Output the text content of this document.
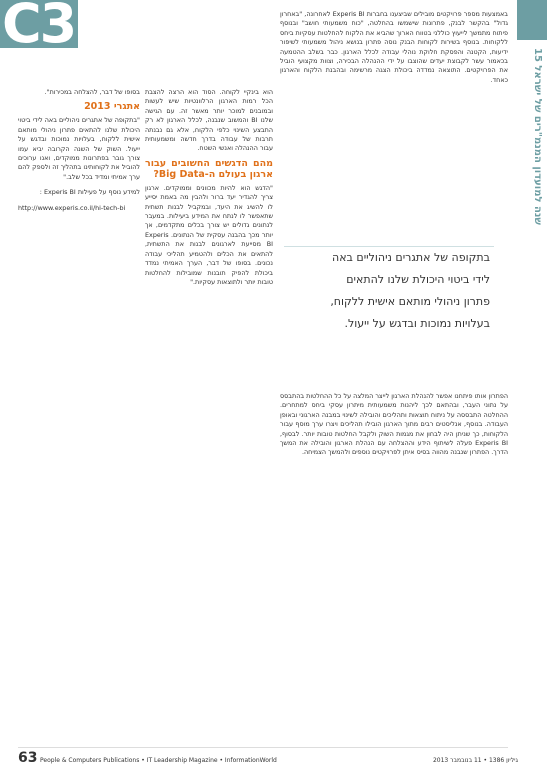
C3
15 שנה למועדון המנמ"רים של ישראל

באמצעות מספר פרויקטים מובילים שביצענו בחברות Experis BI לאחרונה, "באחרון גדול" בהקשר לבנק, פתרונות שישמשו בהחלטה, "כוח משמעותי חושב" ובנוסף פיתוח מתמשך לייעוץ כוללני בטווח הארוך שהביא את הלקוח להחלטות עסקיות ביחס ללקוחות. בנוסף בשירות לקוחות הבנק נוסה פתרון בנושא ניהול משמעותי לשיפור ידיעות, הקטנה והפסקת חלוקת נוהלי עבודה לכלל הארגון. כבר בשלב ההטמעה בכאמור עשר לקבוצת יעדים שהוצבו על ידי ההנהלה הבכירה, וצוות מקצועי הוביל את הפרויקטים. התוצאה נמדדה ביכולת הצגה מרשימה ובהבנת הלקוח והארגון כאחד.

בתקופה של אתגרים ניהוליים באה לידי ביטוי היכולת שלנו להתאים פתרון ניהולי מותאם אישית ללקוח, בעלויות נמוכות ובדגש על ייעול.

הפתרון אותו פיתחנו אפשר להנהלת הארגון לייצר המלצה על כל ההחלטות בהתבסס על נתוני העבר, ובהתאם לכך ליהנות משמעותית מיתרון עסקי ביחס למתחרים. ההחלטה התבססה על ניתוח תוצאות ותהליכים והובילה לשינוי במבנה הארגוני ובאופן העבודה. בנוסף, אנליסטים רבים מתוך הארגון הובילו תהליכים ויצרו ערך מוסף עבור הלקוחות, כך שניתן היה לבחון את מגמות השוק ולקבל החלטות טובות יותר. לבסוף, Experis BI פעלה לשיתוף הידע וההצלחה עם הנהלת הארגון והובילה את המשך הדרך. הפתרון שנבנה מהווה בסיס איתן לפרויקטים נוספים ולהמשך הצמיחה.

הוא בינקיי לקוחה. הסוד הוא הרצה להצבת הכל רמות הארגון הרלוונטיות שיש לעשות ובמובנים למוכר יותר מאשר זה. עם הגישה שלנו BI והמשוב שנבנה, לכלל הארגון לא רק התבצע השינוי כלפי הלקוח, אלא גם נבנתה תרבות של עבודה בדרך חדשה ומשמעותית עבור ההנהלה ואנשי השטח.

מהם הדגשים החשובים עבור ארגון בעולם ה-Big Data?

"הדגש הוא להיות מכוונים וממוקדים. ארגון צריך להגדיר יעד ברור ולהבין מה באמת יסייע לו להשיג את היעד, ובמקביל לבנות תשתית שתאפשר לו לנתח את המידע ביעילות. במעבר לנתונים גדולים יש צורך בכלים מתקדמים, אך יותר מכך בהבנה עסקית של הנתונים. Experis BI מסייעת לארגונים לבנות את התשתית, להתאים את הכלים ולהטמיע תהליכי עבודה נכונים. בסופו של דבר, הערך האמיתי נמדד ביכולת להפיק תובנות שמובילות להחלטות טובות יותר ולתוצאות עסקיות."

בסופו של דבר, להצלחה במכירות".

אתגרי 2013

"בתקופה של אתגרים ניהוליים באה לידי ביטוי היכולת שלנו להתאים פתרון ניהולי מותאם אישית ללקוח, בעלויות נמוכות ובדגש על ייעול. השוק של השנה הקרובה יביא עמו צורך גובר בפתרונות ממוקדים, ואנו ערוכים להוביל את לקוחותינו בתהליך זה ולספק להם ערך אמיתי ומדיד בכל שלב."

למידע נוסף על פעילות Experis BI :

http://www.experis.co.il/hi-tech-bi

63 People & Computers Publications • IT Leadership Magazine • InformationWorld	גיליון 1386 • 11 בנובמבר 2013
